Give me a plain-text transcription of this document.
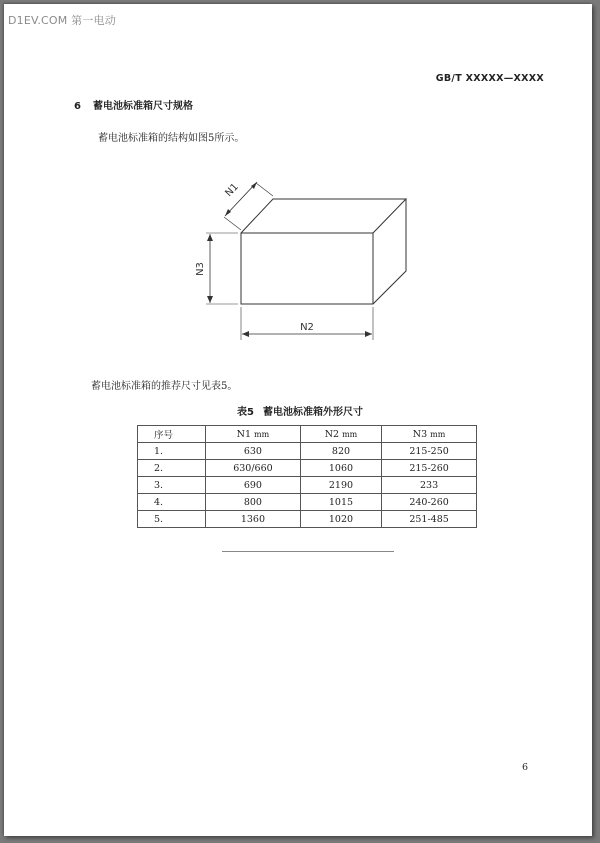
D1EV.COM 第一电动
GB/T XXXXX—XXXX
6 蓄电池标准箱尺寸规格
蓄电池标准箱的结构如图5所示。
N1
N3
N2
蓄电池标准箱的推荐尺寸见表5。
表5 蓄电池标准箱外形尺寸
序号	N1 mm	N2 mm	N3 mm
1.	630	820	215-250
2.	630/660	1060	215-260
3.	690	2190	233
4.	800	1015	240-260
5.	1360	1020	251-485
6
